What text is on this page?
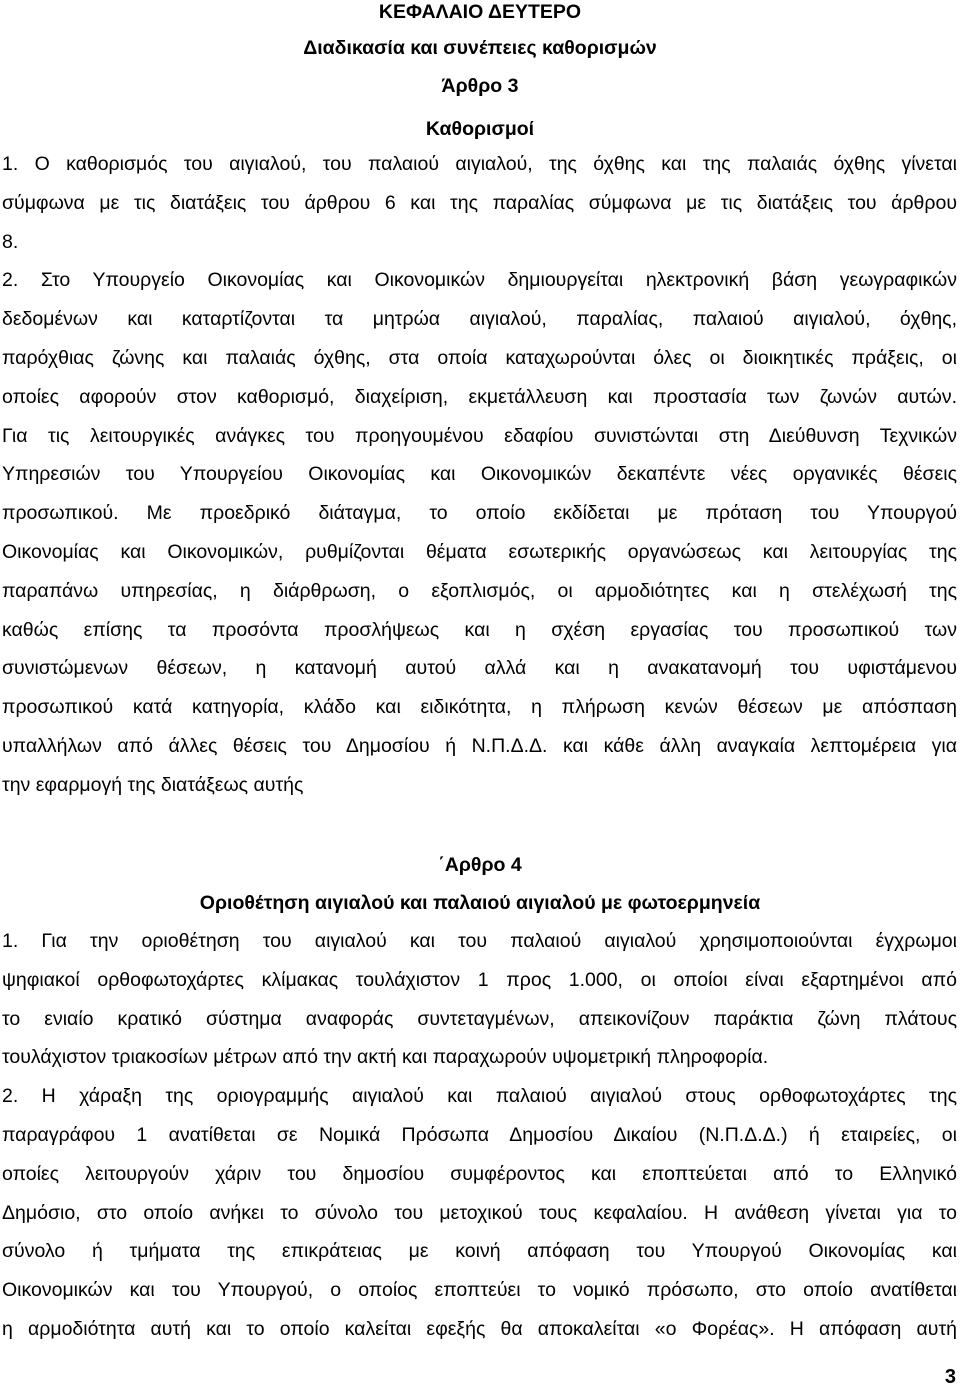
ΚΕΦΑΛΑΙΟ ΔΕΥΤΕΡΟ
Διαδικασία και συνέπειες καθορισμών
Άρθρο 3
Καθορισμοί
1. Ο καθορισμός του αιγιαλού, του παλαιού αιγιαλού, της όχθης και της παλαιάς όχθης γίνεται
σύμφωνα με τις διατάξεις του άρθρου 6 και της παραλίας σύμφωνα με τις διατάξεις του άρθρου
8.
2. Στο Υπουργείο Οικονομίας και Οικονομικών δημιουργείται ηλεκτρονική βάση γεωγραφικών
δεδομένων και καταρτίζονται τα μητρώα αιγιαλού, παραλίας, παλαιού αιγιαλού, όχθης,
παρόχθιας ζώνης και παλαιάς όχθης, στα οποία καταχωρούνται όλες οι διοικητικές πράξεις, οι
οποίες αφορούν στον καθορισμό, διαχείριση, εκμετάλλευση και προστασία των ζωνών αυτών.
Για τις λειτουργικές ανάγκες του προηγουμένου εδαφίου συνιστώνται στη Διεύθυνση Τεχνικών
Υπηρεσιών του Υπουργείου Οικονομίας και Οικονομικών δεκαπέντε νέες οργανικές θέσεις
προσωπικού. Με προεδρικό διάταγμα, το οποίο εκδίδεται με πρόταση του Υπουργού
Οικονομίας και Οικονομικών, ρυθμίζονται θέματα εσωτερικής οργανώσεως και λειτουργίας της
παραπάνω υπηρεσίας, η διάρθρωση, ο εξοπλισμός, οι αρμοδιότητες και η στελέχωσή της
καθώς επίσης τα προσόντα προσλήψεως και η σχέση εργασίας του προσωπικού των
συνιστώμενων θέσεων, η κατανομή αυτού αλλά και η ανακατανομή του υφιστάμενου
προσωπικού κατά κατηγορία, κλάδο και ειδικότητα, η πλήρωση κενών θέσεων με απόσπαση
υπαλλήλων από άλλες θέσεις του Δημοσίου ή Ν.Π.Δ.Δ. και κάθε άλλη αναγκαία λεπτομέρεια για
την εφαρμογή της διατάξεως αυτής
΄Αρθρο 4
Οριοθέτηση αιγιαλού και παλαιού αιγιαλού με φωτοερμηνεία
1. Για την οριοθέτηση του αιγιαλού και του παλαιού αιγιαλού χρησιμοποιούνται έγχρωμοι
ψηφιακοί ορθοφωτοχάρτες κλίμακας τουλάχιστον 1 προς 1.000, οι οποίοι είναι εξαρτημένοι από
το ενιαίο κρατικό σύστημα αναφοράς συντεταγμένων, απεικονίζουν παράκτια ζώνη πλάτους
τουλάχιστον τριακοσίων μέτρων από την ακτή και παραχωρούν υψομετρική πληροφορία.
2. Η χάραξη της οριογραμμής αιγιαλού και παλαιού αιγιαλού στους ορθοφωτοχάρτες της
παραγράφου 1 ανατίθεται σε Νομικά Πρόσωπα Δημοσίου Δικαίου (Ν.Π.Δ.Δ.) ή εταιρείες, οι
οποίες λειτουργούν χάριν του δημοσίου συμφέροντος και εποπτεύεται από το Ελληνικό
Δημόσιο, στο οποίο ανήκει το σύνολο του μετοχικού τους κεφαλαίου. Η ανάθεση γίνεται για το
σύνολο ή τμήματα της επικράτειας με κοινή απόφαση του Υπουργού Οικονομίας και
Οικονομικών και του Υπουργού, ο οποίος εποπτεύει το νομικό πρόσωπο, στο οποίο ανατίθεται
η αρμοδιότητα αυτή και το οποίο καλείται εφεξής θα αποκαλείται «ο Φορέας». Η απόφαση αυτή
3
